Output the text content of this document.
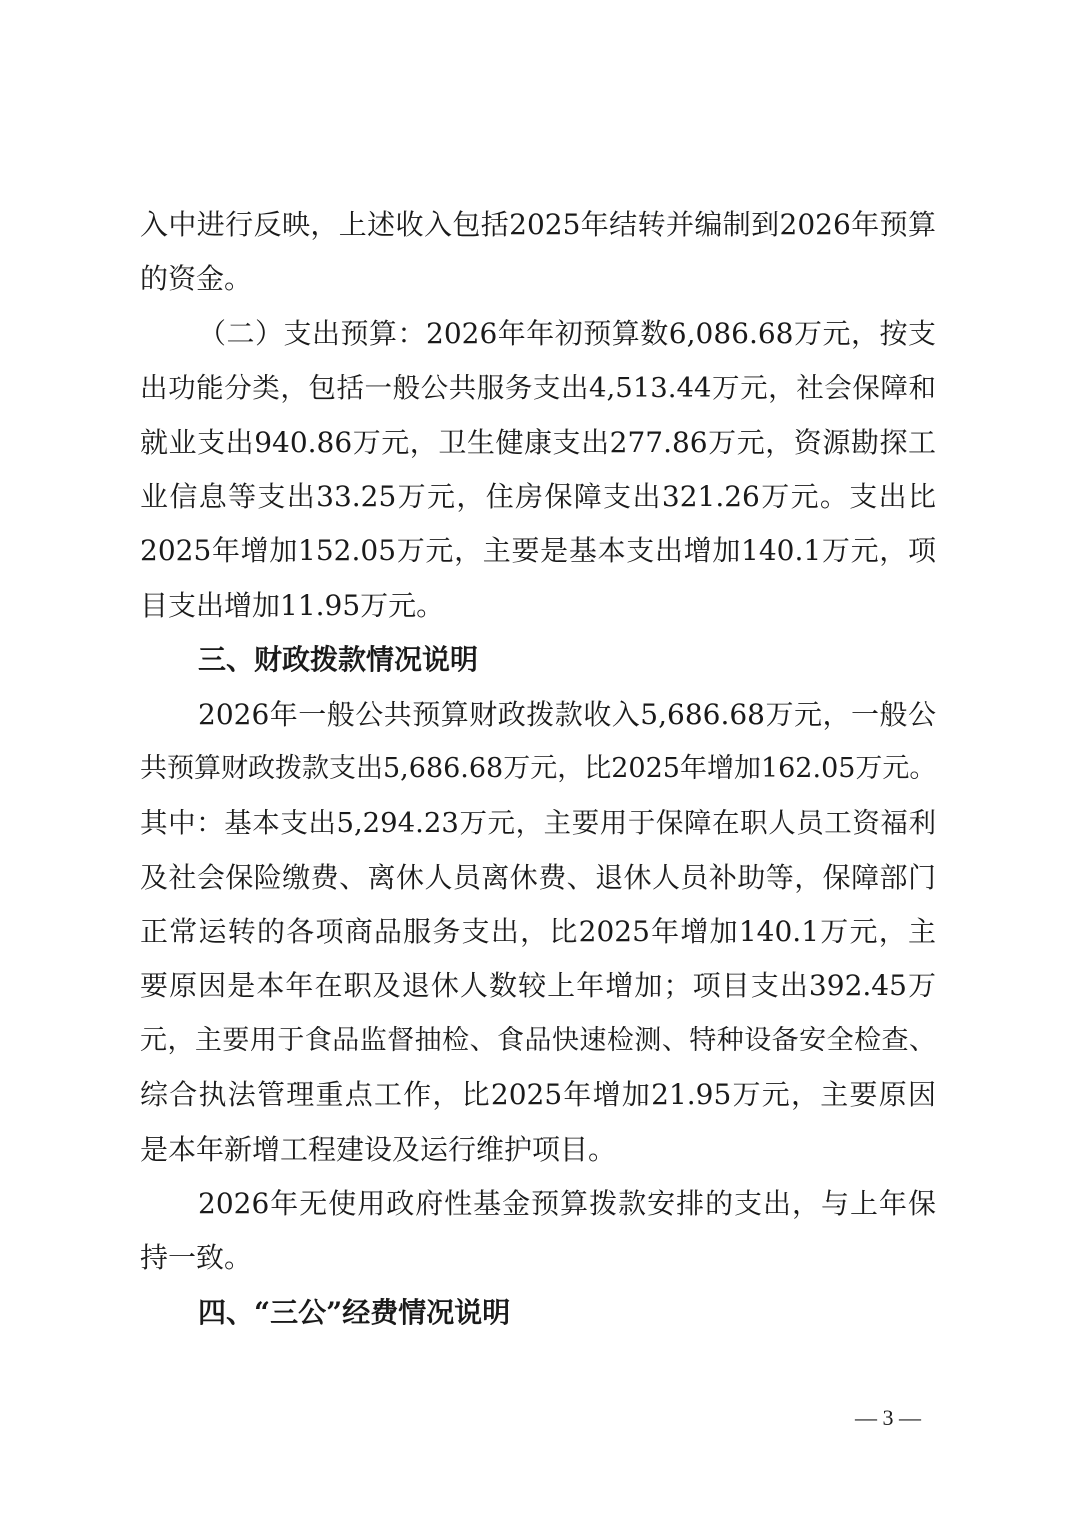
入中进行反映，上述收入包括2025年结转并编制到2026年预算
的资金。
（二）支出预算：2026年年初预算数6,086.68万元，按支
出功能分类，包括一般公共服务支出4,513.44万元，社会保障和
就业支出940.86万元，卫生健康支出277.86万元，资源勘探工
业信息等支出33.25万元，住房保障支出321.26万元。支出比
2025年增加152.05万元，主要是基本支出增加140.1万元，项
目支出增加11.95万元。
三、财政拨款情况说明
2026年一般公共预算财政拨款收入5,686.68万元，一般公
共预算财政拨款支出5,686.68万元，比2025年增加162.05万元。
其中：基本支出5,294.23万元，主要用于保障在职人员工资福利
及社会保险缴费、离休人员离休费、退休人员补助等，保障部门
正常运转的各项商品服务支出，比2025年增加140.1万元，主
要原因是本年在职及退休人数较上年增加；项目支出392.45万
元，主要用于食品监督抽检、食品快速检测、特种设备安全检查、
综合执法管理重点工作，比2025年增加21.95万元，主要原因
是本年新增工程建设及运行维护项目。
2026年无使用政府性基金预算拨款安排的支出，与上年保
持一致。
四、“三公”经费情况说明
— 3 —
